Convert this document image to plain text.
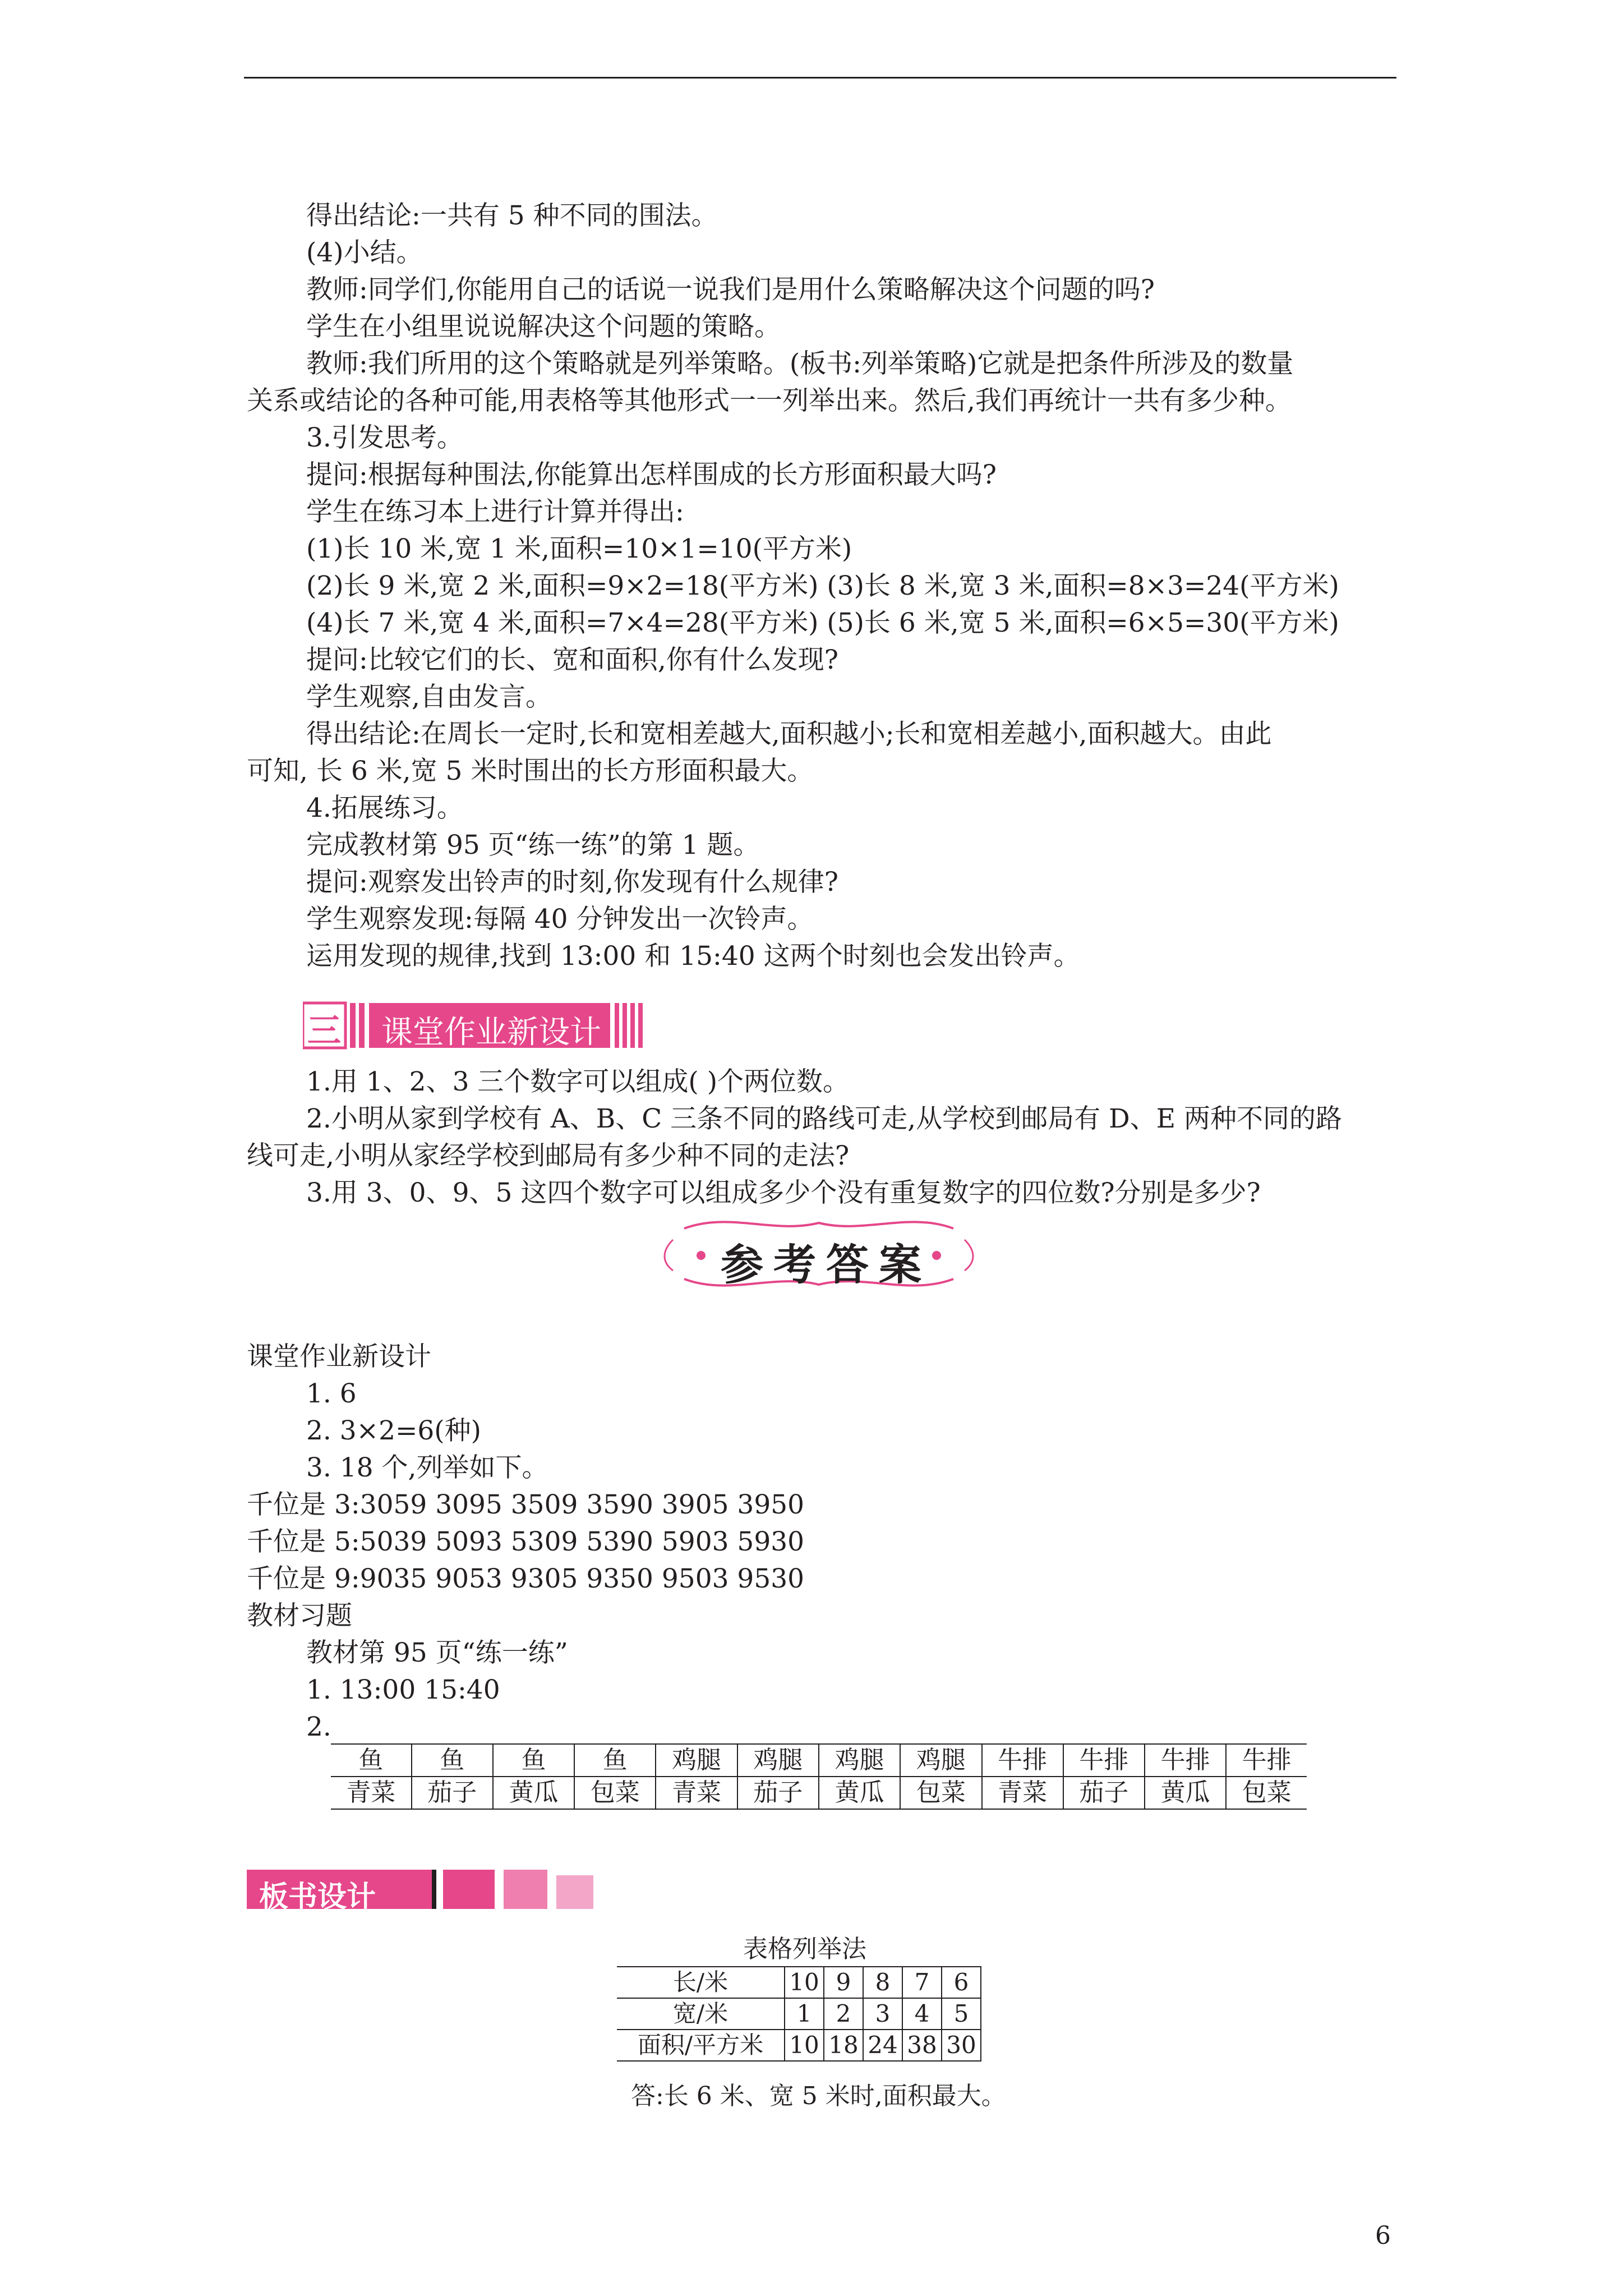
得出结论:一共有 5 种不同的围法。
(4)小结。
教师:同学们,你能用自己的话说一说我们是用什么策略解决这个问题的吗?
学生在小组里说说解决这个问题的策略。
教师:我们所用的这个策略就是列举策略。(板书:列举策略)它就是把条件所涉及的数量
关系或结论的各种可能,用表格等其他形式一一列举出来。然后,我们再统计一共有多少种。
3.引发思考。
提问:根据每种围法,你能算出怎样围成的长方形面积最大吗?
学生在练习本上进行计算并得出:
(1)长 10 米,宽 1 米,面积=10×1=10(平方米)
(2)长 9 米,宽 2 米,面积=9×2=18(平方米) (3)长 8 米,宽 3 米,面积=8×3=24(平方米)
(4)长 7 米,宽 4 米,面积=7×4=28(平方米) (5)长 6 米,宽 5 米,面积=6×5=30(平方米)
提问:比较它们的长、宽和面积,你有什么发现?
学生观察,自由发言。
得出结论:在周长一定时,长和宽相差越大,面积越小;长和宽相差越小,面积越大。由此
可知, 长 6 米,宽 5 米时围出的长方形面积最大。
4.拓展练习。
完成教材第 95 页“练一练”的第 1 题。
提问:观察发出铃声的时刻,你发现有什么规律?
学生观察发现:每隔 40 分钟发出一次铃声。
运用发现的规律,找到 13:00 和 15:40 这两个时刻也会发出铃声。
三 课堂作业新设计
1.用 1、2、3 三个数字可以组成( )个两位数。
2.小明从家到学校有 A、B、C 三条不同的路线可走,从学校到邮局有 D、E 两种不同的路
线可走,小明从家经学校到邮局有多少种不同的走法?
3.用 3、0、9、5 这四个数字可以组成多少个没有重复数字的四位数?分别是多少?
参考答案
课堂作业新设计
1. 6
2. 3×2=6(种)
3. 18 个,列举如下。
千位是 3:3059 3095 3509 3590 3905 3950
千位是 5:5039 5093 5309 5390 5903 5930
千位是 9:9035 9053 9305 9350 9503 9530
教材习题
教材第 95 页“练一练”
1. 13:00 15:40
2.
鱼	鱼	鱼	鱼	鸡腿	鸡腿	鸡腿	鸡腿	牛排	牛排	牛排	牛排
青菜	茄子	黄瓜	包菜	青菜	茄子	黄瓜	包菜	青菜	茄子	黄瓜	包菜
板书设计
表格列举法
长/米	10	9	8	7	6
宽/米	1	2	3	4	5
面积/平方米	10	18	24	38	30
答:长 6 米、宽 5 米时,面积最大。
6
